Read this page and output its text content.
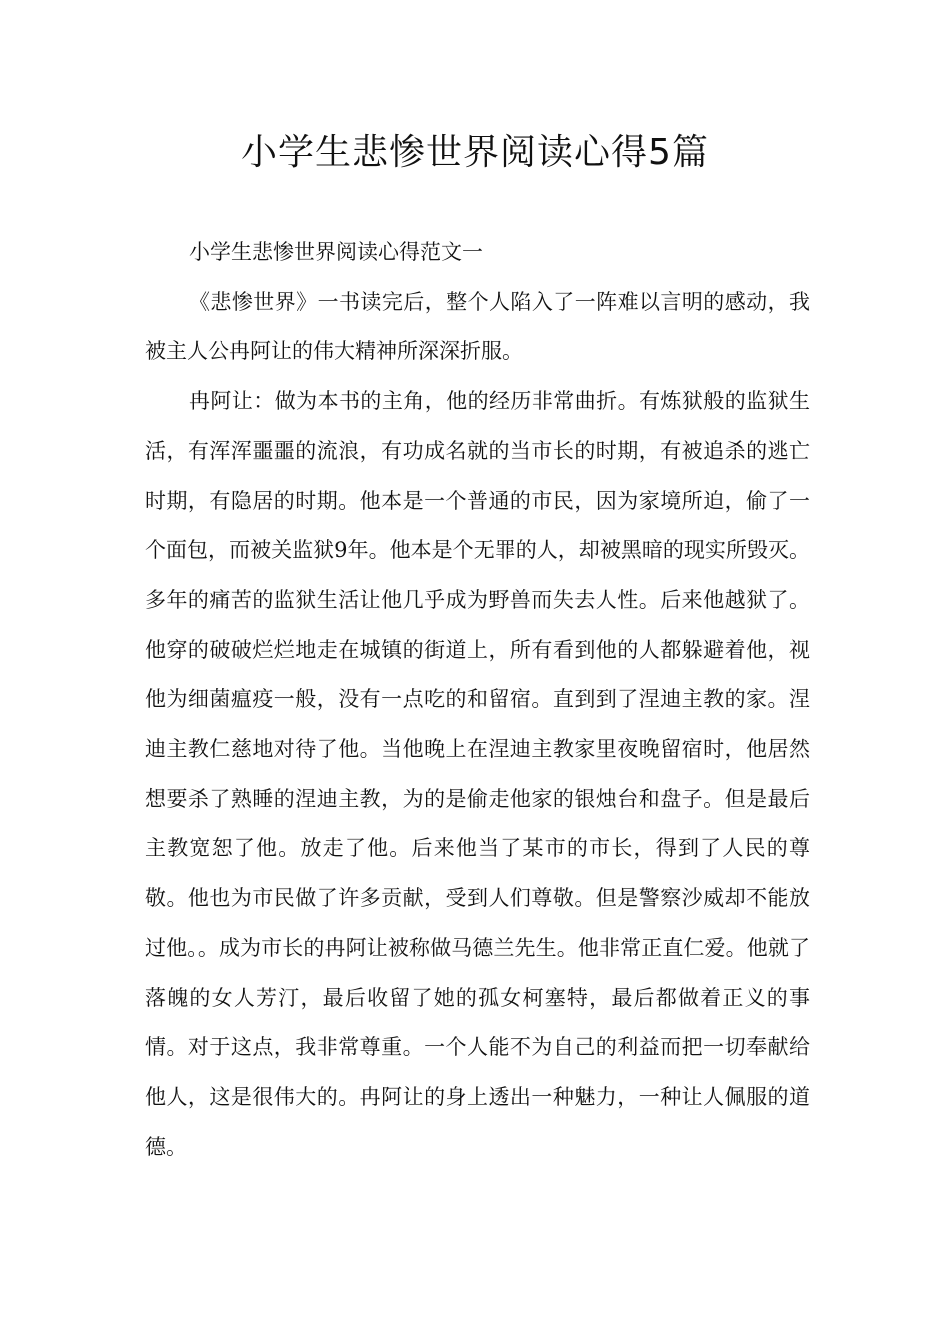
小学生悲惨世界阅读心得5篇

小学生悲惨世界阅读心得范文一

《悲惨世界》一书读完后，整个人陷入了一阵难以言明的感动，我被主人公冉阿让的伟大精神所深深折服。

冉阿让：做为本书的主角，他的经历非常曲折。有炼狱般的监狱生活，有浑浑噩噩的流浪，有功成名就的当市长的时期，有被追杀的逃亡时期，有隐居的时期。他本是一个普通的市民，因为家境所迫，偷了一个面包，而被关监狱9年。他本是个无罪的人，却被黑暗的现实所毁灭。多年的痛苦的监狱生活让他几乎成为野兽而失去人性。后来他越狱了。他穿的破破烂烂地走在城镇的街道上，所有看到他的人都躲避着他，视他为细菌瘟疫一般，没有一点吃的和留宿。直到到了涅迪主教的家。涅迪主教仁慈地对待了他。当他晚上在涅迪主教家里夜晚留宿时，他居然想要杀了熟睡的涅迪主教，为的是偷走他家的银烛台和盘子。但是最后主教宽恕了他。放走了他。后来他当了某市的市长，得到了人民的尊敬。他也为市民做了许多贡献，受到人们尊敬。但是警察沙威却不能放过他。。成为市长的冉阿让被称做马德兰先生。他非常正直仁爱。他就了落魄的女人芳汀，最后收留了她的孤女柯塞特，最后都做着正义的事情。对于这点，我非常尊重。一个人能不为自己的利益而把一切奉献给他人，这是很伟大的。冉阿让的身上透出一种魅力，一种让人佩服的道德。
